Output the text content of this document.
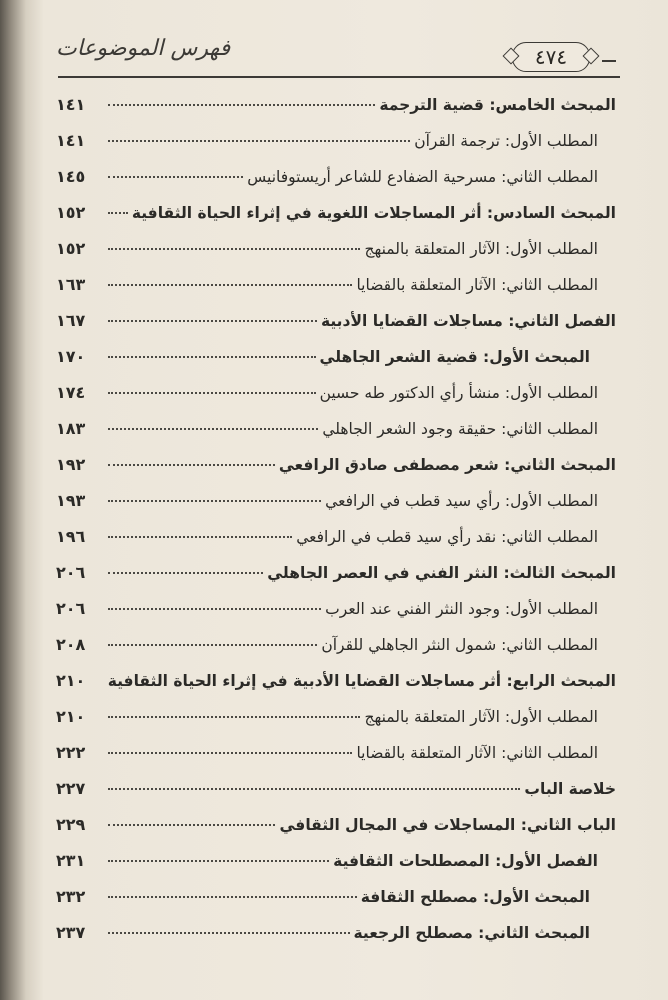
فهرس الموضوعات	٤٧٤
المبحث الخامس: قضية الترجمة
١٤١
المطلب الأول: ترجمة القرآن
١٤١
المطلب الثاني: مسرحية الضفادع للشاعر أريستوفانيس
١٤٥
المبحث السادس: أثر المساجلات اللغوية في إثراء الحياة الثقافية
١٥٢
المطلب الأول: الآثار المتعلقة بالمنهج
١٥٢
المطلب الثاني: الآثار المتعلقة بالقضايا
١٦٣
الفصل الثاني: مساجلات القضايا الأدبية
١٦٧
المبحث الأول: قضية الشعر الجاهلي
١٧٠
المطلب الأول: منشأ رأي الدكتور طه حسين
١٧٤
المطلب الثاني: حقيقة وجود الشعر الجاهلي
١٨٣
المبحث الثاني: شعر مصطفى صادق الرافعي
١٩٢
المطلب الأول: رأي سيد قطب في الرافعي
١٩٣
المطلب الثاني: نقد رأي سيد قطب في الرافعي
١٩٦
المبحث الثالث: النثر الفني في العصر الجاهلي
٢٠٦
المطلب الأول: وجود النثر الفني عند العرب
٢٠٦
المطلب الثاني: شمول النثر الجاهلي للقرآن
٢٠٨
المبحث الرابع: أثر مساجلات القضايا الأدبية في إثراء الحياة الثقافية
٢١٠
المطلب الأول: الآثار المتعلقة بالمنهج
٢١٠
المطلب الثاني: الآثار المتعلقة بالقضايا
٢٢٢
خلاصة الباب
٢٢٧
الباب الثاني: المساجلات في المجال الثقافي
٢٢٩
الفصل الأول: المصطلحات الثقافية
٢٣١
المبحث الأول: مصطلح الثقافة
٢٣٢
المبحث الثاني: مصطلح الرجعية
٢٣٧
